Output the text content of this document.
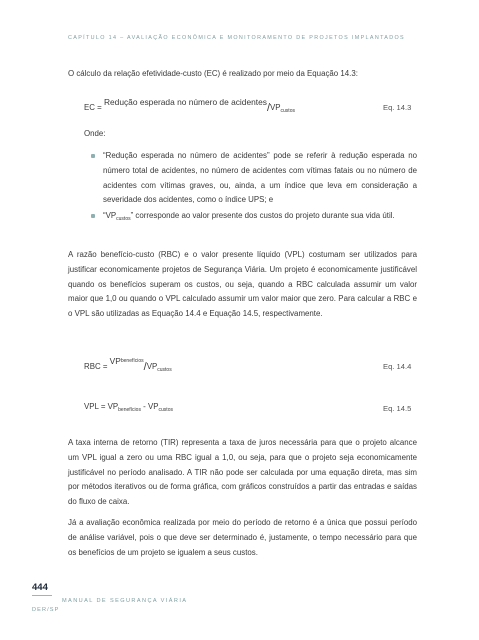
CAPÍTULO 14 – AVALIAÇÃO ECONÔMICA E MONITORAMENTO DE PROJETOS IMPLANTADOS
O cálculo da relação efetividade-custo (EC) é realizado por meio da Equação 14.3:
EC = Redução esperada no número de acidentes/$VP_{custos}$	Eq. 14.3
Onde:
“Redução esperada no número de acidentes” pode se referir à redução esperada no número total de acidentes, no número de acidentes com vítimas fatais ou no número de acidentes com vítimas graves, ou, ainda, a um índice que leva em consideração a severidade dos acidentes, como o índice UPS; e
“$VP_{custos}$” corresponde ao valor presente dos custos do projeto durante sua vida útil.
A razão benefício-custo (RBC) e o valor presente líquido (VPL) costumam ser utilizados para justificar economicamente projetos de Segurança Viária. Um projeto é economicamente justificável quando os benefícios superam os custos, ou seja, quando a RBC calculada assumir um valor maior que 1,0 ou quando o VPL calculado assumir um valor maior que zero. Para calcular a RBC e o VPL são utilizadas as Equação 14.4 e Equação 14.5, respectivamente.
RBC = $VP^{benefícios}/VP_{custos}$	Eq. 14.4
VPL = $VP_{benefícios} - VP_{custos}$	Eq. 14.5
A taxa interna de retorno (TIR) representa a taxa de juros necessária para que o projeto alcance um VPL igual a zero ou uma RBC igual a 1,0, ou seja, para que o projeto seja economicamente justificável no período analisado. A TIR não pode ser calculada por uma equação direta, mas sim por métodos iterativos ou de forma gráfica, com gráficos construídos a partir das entradas e saídas do fluxo de caixa.
Já a avaliação econômica realizada por meio do período de retorno é a única que possui período de análise variável, pois o que deve ser determinado é, justamente, o tempo necessário para que os benefícios de um projeto se igualem a seus custos.
444
MANUAL DE SEGURANÇA VIÁRIA
DER/SP
